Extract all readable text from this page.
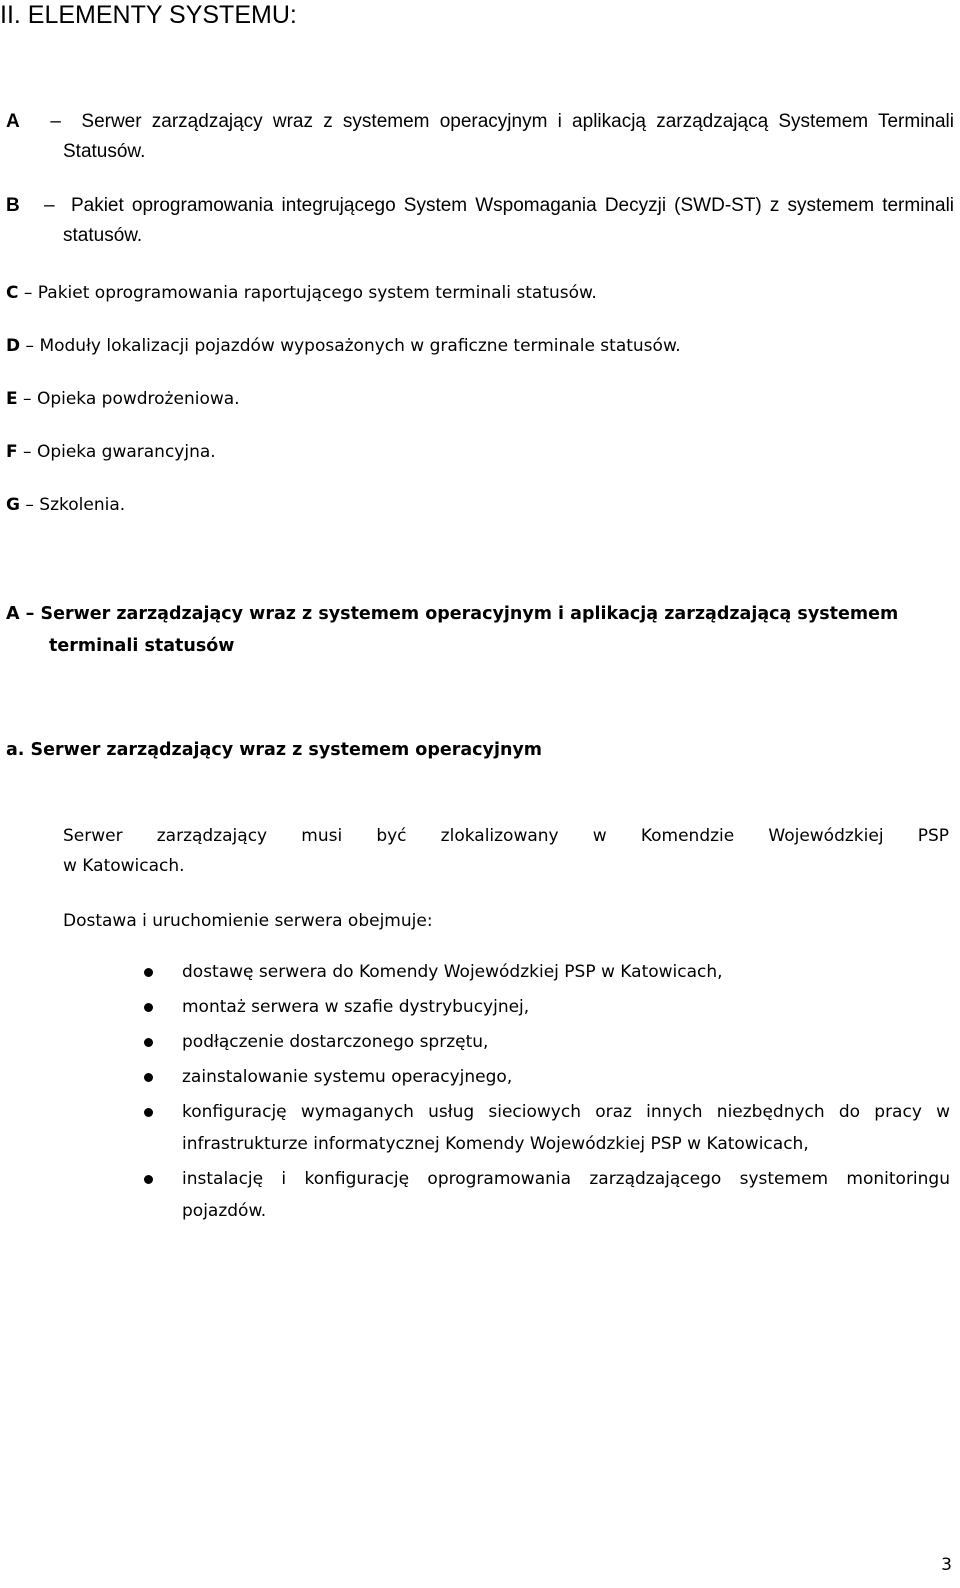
II. ELEMENTY SYSTEMU:

A – Serwer zarządzający wraz z systemem operacyjnym i aplikacją zarządzającą Systemem Terminali Statusów.

B – Pakiet oprogramowania integrującego System Wspomagania Decyzji (SWD-ST) z systemem terminali statusów.

C – Pakiet oprogramowania raportującego system terminali statusów.

D – Moduły lokalizacji pojazdów wyposażonych w graficzne terminale statusów.

E – Opieka powdrożeniowa.

F – Opieka gwarancyjna.

G – Szkolenia.

A – Serwer zarządzający wraz z systemem operacyjnym i aplikacją zarządzającą systemem terminali statusów
a. Serwer zarządzający wraz z systemem operacyjnym

Serwer zarządzający musi być zlokalizowany w Komendzie Wojewódzkiej PSP
w Katowicach.

Dostawa i uruchomienie serwera obejmuje:

dostawę serwera do Komendy Wojewódzkiej PSP w Katowicach,
montaż serwera w szafie dystrybucyjnej,
podłączenie dostarczonego sprzętu,
zainstalowanie systemu operacyjnego,
konfigurację wymaganych usług sieciowych oraz innych niezbędnych do pracy w infrastrukturze informatycznej Komendy Wojewódzkiej PSP w Katowicach,
instalację i konfigurację oprogramowania zarządzającego systemem monitoringu pojazdów.
3
